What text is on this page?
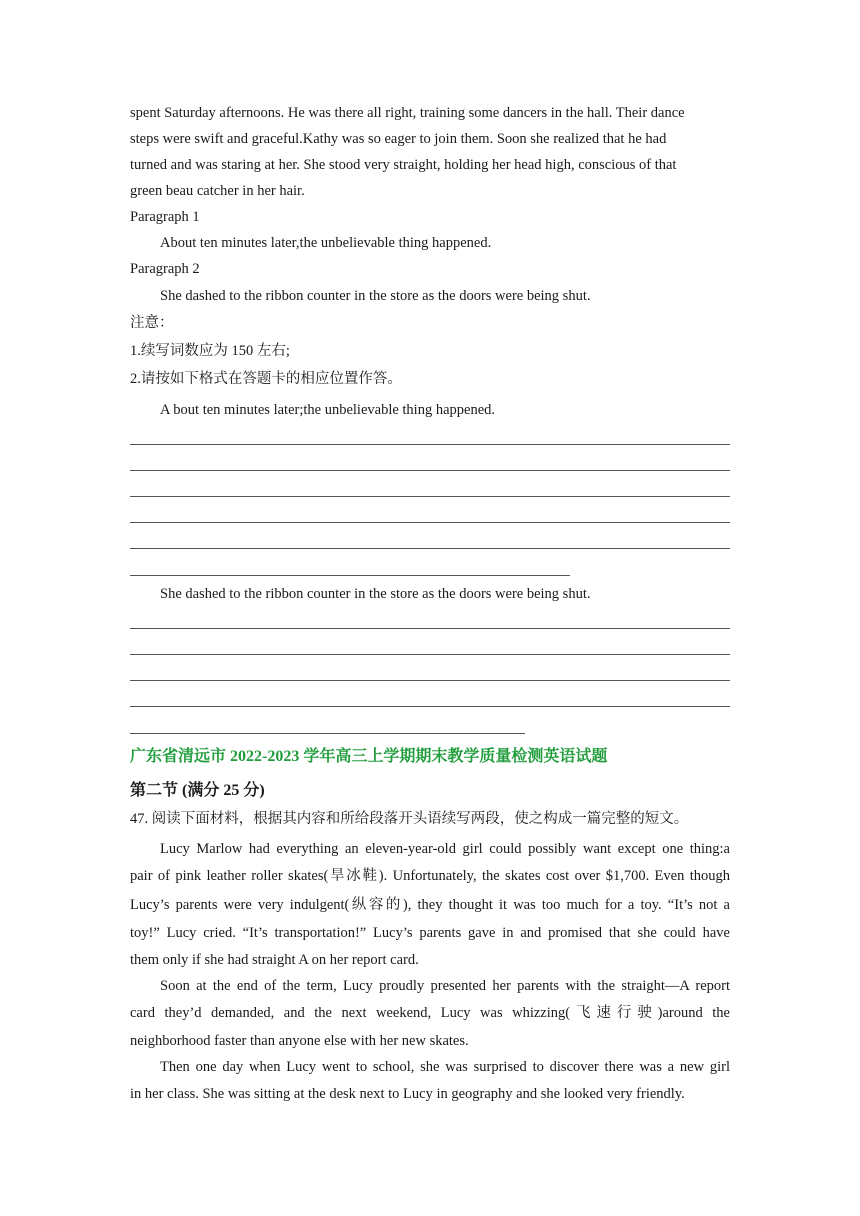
spent Saturday afternoons. He was there all right, training some dancers in the hall. Their dance
steps were swift and graceful.Kathy was so eager to join them. Soon she realized that he had
turned and was staring at her. She stood very straight, holding her head high, conscious of that
green beau catcher in her hair.
Paragraph 1
About ten minutes later,the unbelievable thing happened.
Paragraph 2
She dashed to the ribbon counter in the store as the doors were being shut.
注意：
1.续写词数应为 150 左右;
2.请按如下格式在答题卡的相应位置作答。
A bout ten minutes later;the unbelievable thing happened.
She dashed to the ribbon counter in the store as the doors were being shut.
广东省清远市 2022-2023 学年高三上学期期末教学质量检测英语试题
第二节 (满分 25 分)
47. 阅读下面材料，根据其内容和所给段落开头语续写两段，使之构成一篇完整的短文。
Lucy Marlow had everything an eleven-year-old girl could possibly want except one thing:a
pair of pink leather roller skates(旱冰鞋). Unfortunately, the skates cost over $1,700. Even though
Lucy’s parents were very indulgent(纵容的), they thought it was too much for a toy. “It’s not a
toy!” Lucy cried. “It’s transportation!” Lucy’s parents gave in and promised that she could have
them only if she had straight A on her report card.
Soon at the end of the term, Lucy proudly presented her parents with the straight—A report
card they’d demanded, and the next weekend, Lucy was whizzing(飞速行驶)around the
neighborhood faster than anyone else with her new skates.
Then one day when Lucy went to school, she was surprised to discover there was a new girl
in her class. She was sitting at the desk next to Lucy in geography and she looked very friendly.
